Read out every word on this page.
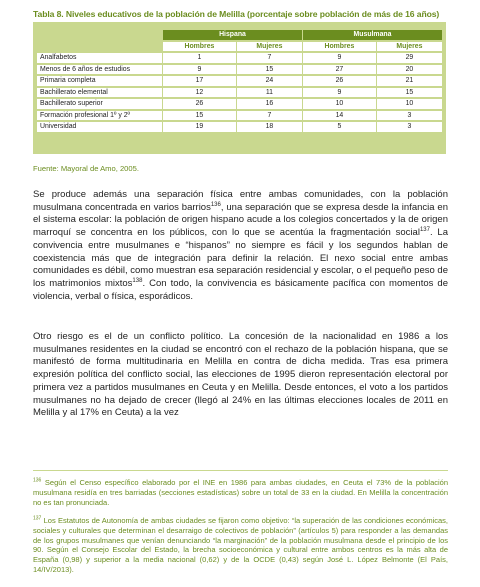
Tabla 8. Niveles educativos de la población de Melilla (porcentaje sobre población de más de 16 años)
	Hispana		Musulmana	
	Hombres	Mujeres	Hombres	Mujeres
Analfabetos	1	7	9	29
Menos de 6 años de estudios	9	15	27	20
Primaria completa	17	24	26	21
Bachillerato elemental	12	11	9	15
Bachillerato superior	26	16	10	10
Formación profesional 1º y 2º	15	7	14	3
Universidad	19	18	5	3
Fuente: Mayoral de Amo, 2005.

Se produce además una separación física entre ambas comunidades, con la población musulmana concentrada en varios barrios$^{136}$, una separación que se expresa desde la infancia en el sistema escolar: la población de origen hispano acude a los colegios concertados y la de origen marroquí se concentra en los públicos, con lo que se acentúa la fragmentación social$^{137}$. La convivencia entre musulmanes e “hispanos” no siempre es fácil y los segundos hablan de coexistencia más que de integración para definir la relación. El nexo social entre ambas comunidades es débil, como muestran esa separación residencial y escolar, o el pequeño peso de los matrimonios mixtos$^{138}$. Con todo, la convivencia es básicamente pacífica con momentos de violencia, verbal o física, esporádicos.

Otro riesgo es el de un conflicto político. La concesión de la nacionalidad en 1986 a los musulmanes residentes en la ciudad se encontró con el rechazo de la población hispana, que se manifestó de forma multitudinaria en Melilla en contra de dicha medida. Tras esa primera expresión política del conflicto social, las elecciones de 1995 dieron representación electoral por primera vez a partidos musulmanes en Ceuta y en Melilla. Desde entonces, el voto a los partidos musulmanes no ha dejado de crecer (llegó al 24% en las últimas elecciones locales de 2011 en Melilla y al 17% en Ceuta) a la vez

$^{136}$ Según el Censo específico elaborado por el INE en 1986 para ambas ciudades, en Ceuta el 73% de la población musulmana residía en tres barriadas (secciones estadísticas) sobre un total de 33 en la ciudad. En Melilla la concentración no es tan pronunciada.

$^{137}$ Los Estatutos de Autonomía de ambas ciudades se fijaron como objetivo: “la superación de las condiciones económicas, sociales y culturales que determinan el desarraigo de colectivos de población” (artículos 5) para responder a las demandas de los grupos musulmanes que venían denunciando “la marginación” de la población musulmana desde el principio de los 90. Según el Consejo Escolar del Estado, la brecha socioeconómica y cultural entre ambos centros es la más alta de España (0,98) y superior a la media nacional (0,62) y de la OCDE (0,43) según José L. López Belmonte (El País, 14/IV/2013).
